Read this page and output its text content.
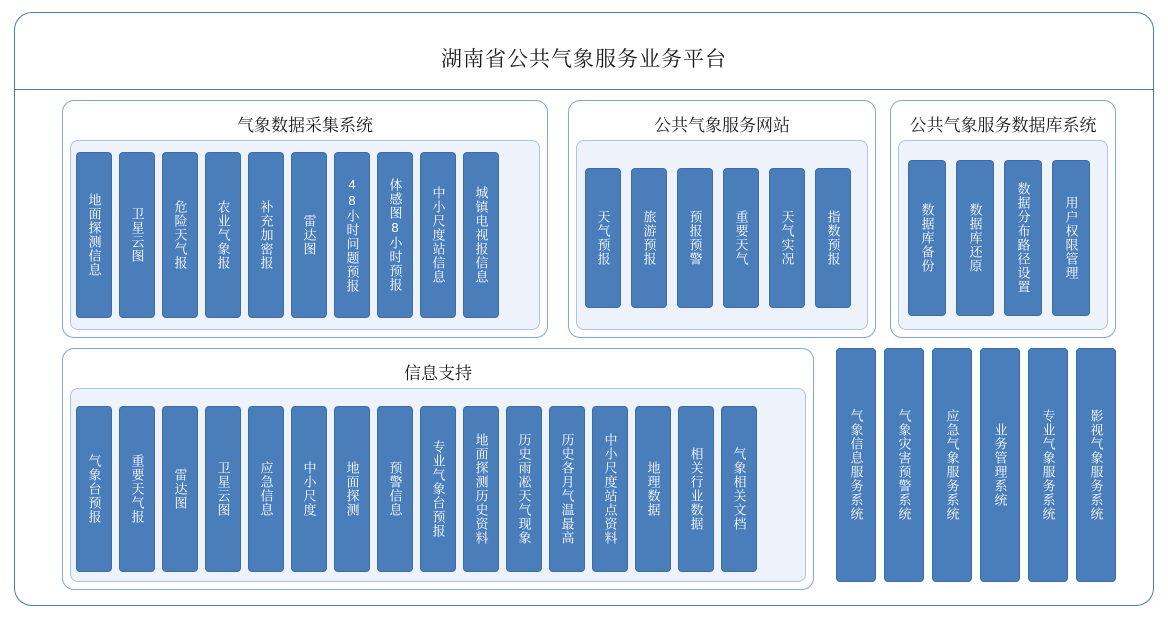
湖南省公共气象服务业务平台
气象数据采集系统
地面探测信息	卫星云图	危险天气报	农业气象报	补充加密报	雷达图	48小时问题预报	体感图8小时预报	中小尺度站信息	城镇电视报信息
公共气象服务网站
天气预报	旅游预报	预报预警	重要天气	天气实况	指数预报
公共气象服务数据库系统
数据库备份	数据库还原	数据分布路径设置	用户权限管理
信息支持
气象台预报	重要天气报	雷达图	卫星云图	应急信息	中小尺度	地面探测	预警信息	专业气象台预报	地面探测历史资料	历史雨凇天气现象	历史各月气温最高	中小尺度站点资料	地理数据	相关行业数据	气象相关文档	气象信息服务系统	气象灾害预警系统	应急气象服务系统	业务管理系统	专业气象服务系统	影视气象服务系统
